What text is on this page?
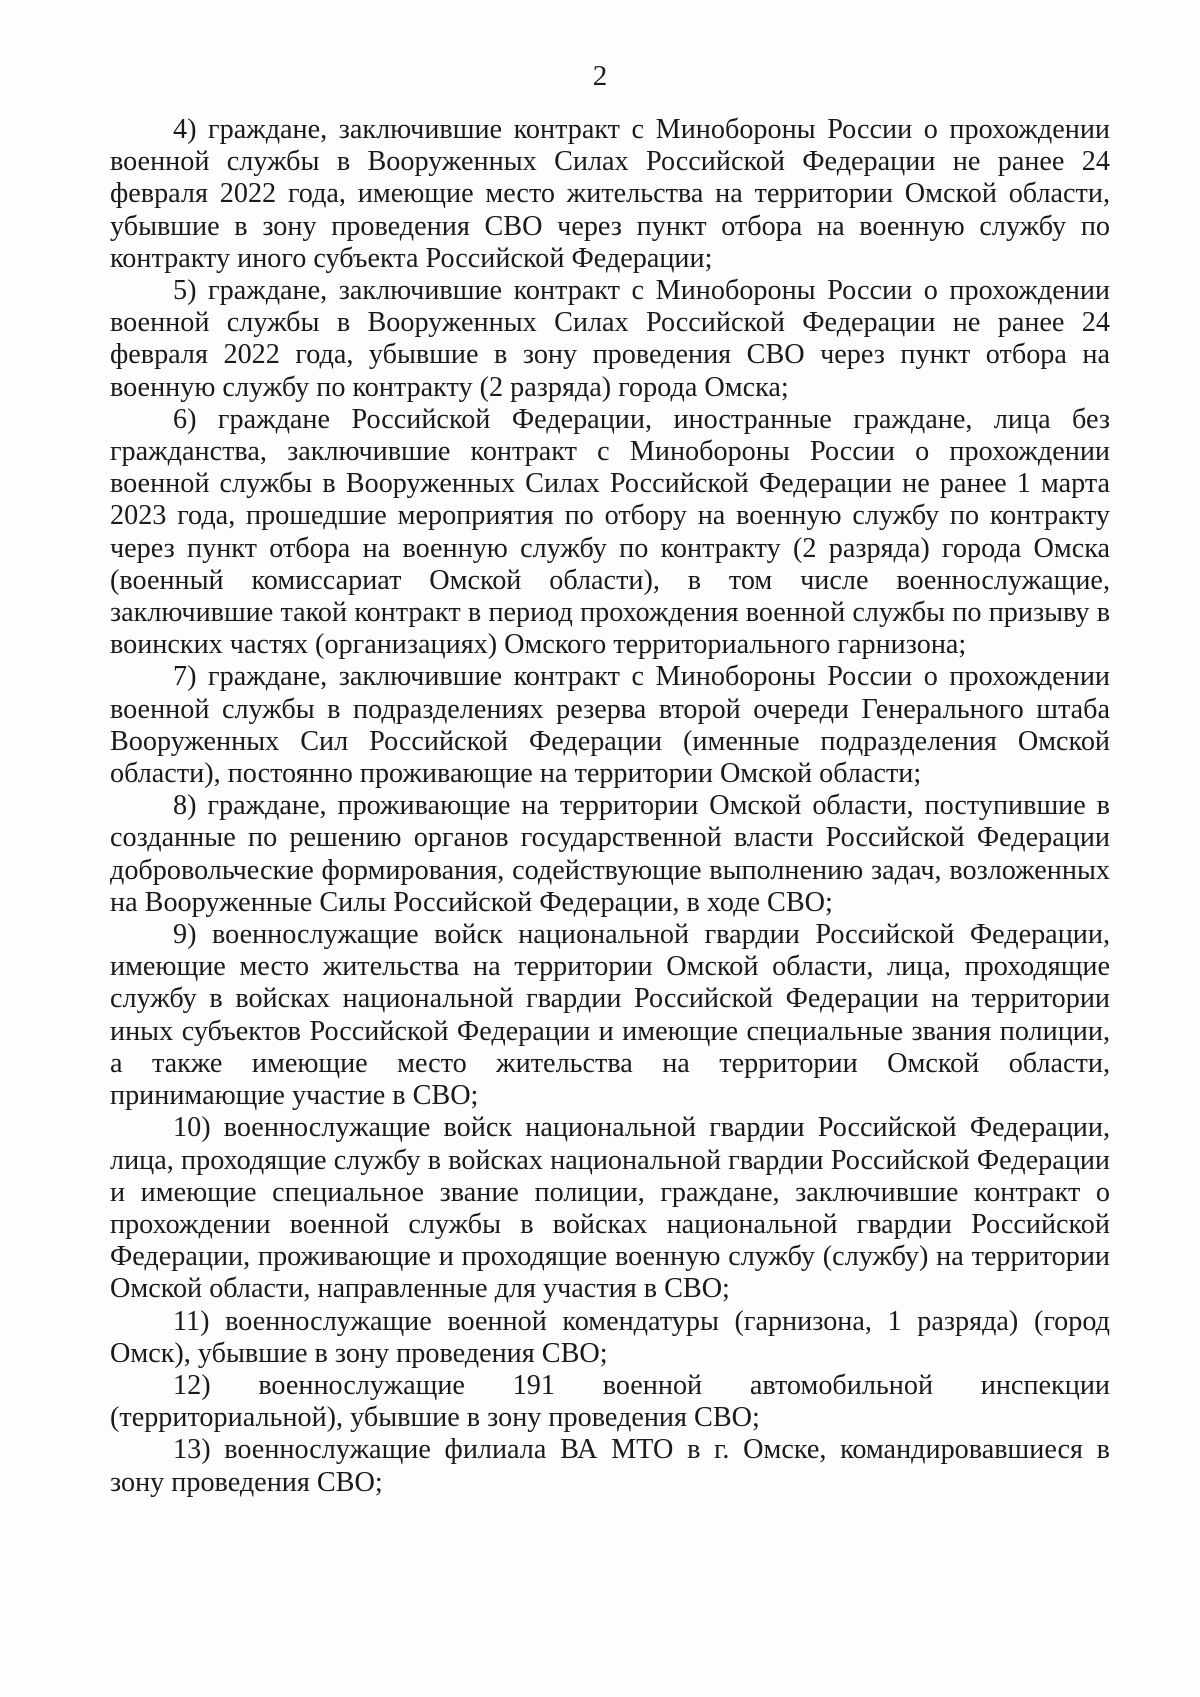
2

4) граждане, заключившие контракт с Минобороны России о прохождении военной службы в Вооруженных Силах Российской Федерации не ранее 24 февраля 2022 года, имеющие место жительства на территории Омской области, убывшие в зону проведения СВО через пункт отбора на военную службу по контракту иного субъекта Российской Федерации;

5) граждане, заключившие контракт с Минобороны России о прохождении военной службы в Вооруженных Силах Российской Федерации не ранее 24 февраля 2022 года, убывшие в зону проведения СВО через пункт отбора на военную службу по контракту (2 разряда) города Омска;

6) граждане Российской Федерации, иностранные граждане, лица без гражданства, заключившие контракт с Минобороны России о прохождении военной службы в Вооруженных Силах Российской Федерации не ранее 1 марта 2023 года, прошедшие мероприятия по отбору на военную службу по контракту через пункт отбора на военную службу по контракту (2 разряда) города Омска (военный комиссариат Омской области), в том числе военнослужащие, заключившие такой контракт в период прохождения военной службы по призыву в воинских частях (организациях) Омского территориального гарнизона;

7) граждане, заключившие контракт с Минобороны России о прохождении военной службы в подразделениях резерва второй очереди Генерального штаба Вооруженных Сил Российской Федерации (именные подразделения Омской области), постоянно проживающие на территории Омской области;

8) граждане, проживающие на территории Омской области, поступившие в созданные по решению органов государственной власти Российской Федерации добровольческие формирования, содействующие выполнению задач, возложенных на Вооруженные Силы Российской Федерации, в ходе СВО;

9) военнослужащие войск национальной гвардии Российской Федерации, имеющие место жительства на территории Омской области, лица, проходящие службу в войсках национальной гвардии Российской Федерации на территории иных субъектов Российской Федерации и имеющие специальные звания полиции, а также имеющие место жительства на территории Омской области, принимающие участие в СВО;

10) военнослужащие войск национальной гвардии Российской Федерации, лица, проходящие службу в войсках национальной гвардии Российской Федерации и имеющие специальное звание полиции, граждане, заключившие контракт о прохождении военной службы в войсках национальной гвардии Российской Федерации, проживающие и проходящие военную службу (службу) на территории Омской области, направленные для участия в СВО;

11) военнослужащие военной комендатуры (гарнизона, 1 разряда) (город Омск), убывшие в зону проведения СВО;

12) военнослужащие 191 военной автомобильной инспекции (территориальной), убывшие в зону проведения СВО;

13) военнослужащие филиала ВА МТО в г. Омске, командировавшиеся в зону проведения СВО;
